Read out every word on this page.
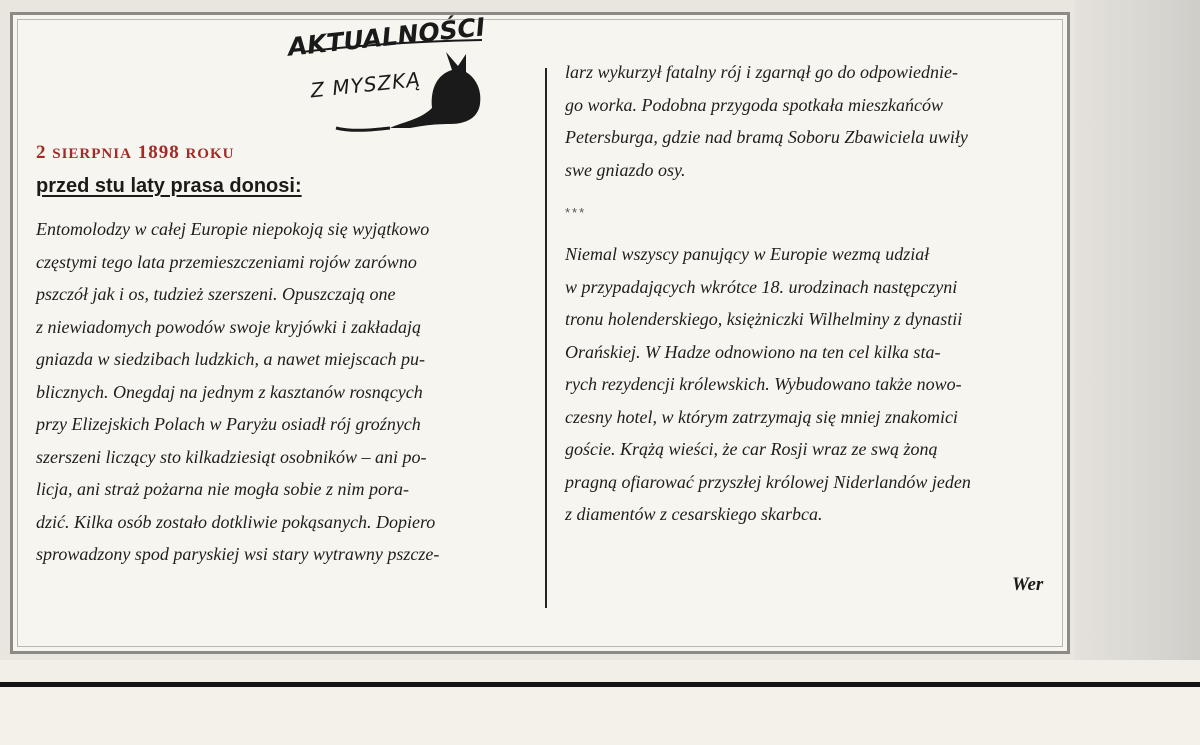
AKTUALNOŚCI
Z MYSZKĄ
2 SIERPNIA 1898 ROKU
przed stu laty prasa donosi:
Entomolodzy w całej Europie niepokoją się wyjątkowo
częstymi tego lata przemieszczeniami rojów zarówno
pszczół jak i os, tudzież szerszeni. Opuszczają one
z niewiadomych powodów swoje kryjówki i zakładają
gniazda w siedzibach ludzkich, a nawet miejscach pu-
blicznych. Onegdaj na jednym z kasztanów rosnących
przy Elizejskich Polach w Paryżu osiadł rój groźnych
szerszeni liczący sto kilkadziesiąt osobników – ani po-
licja, ani straż pożarna nie mogła sobie z nim pora-
dzić. Kilka osób zostało dotkliwie pokąsanych. Dopiero
sprowadzony spod paryskiej wsi stary wytrawny pszcze-
larz wykurzył fatalny rój i zgarnął go do odpowiednie-
go worka. Podobna przygoda spotkała mieszkańców
Petersburga, gdzie nad bramą Soboru Zbawiciela uwiły
swe gniazdo osy.
***
Niemal wszyscy panujący w Europie wezmą udział
w przypadających wkrótce 18. urodzinach następczyni
tronu holenderskiego, księżniczki Wilhelminy z dynastii
Orańskiej. W Hadze odnowiono na ten cel kilka sta-
rych rezydencji królewskich. Wybudowano także nowo-
czesny hotel, w którym zatrzymają się mniej znakomici
goście. Krążą wieści, że car Rosji wraz ze swą żoną
pragną ofiarować przyszłej królowej Niderlandów jeden
z diamentów z cesarskiego skarbca.
Wer
